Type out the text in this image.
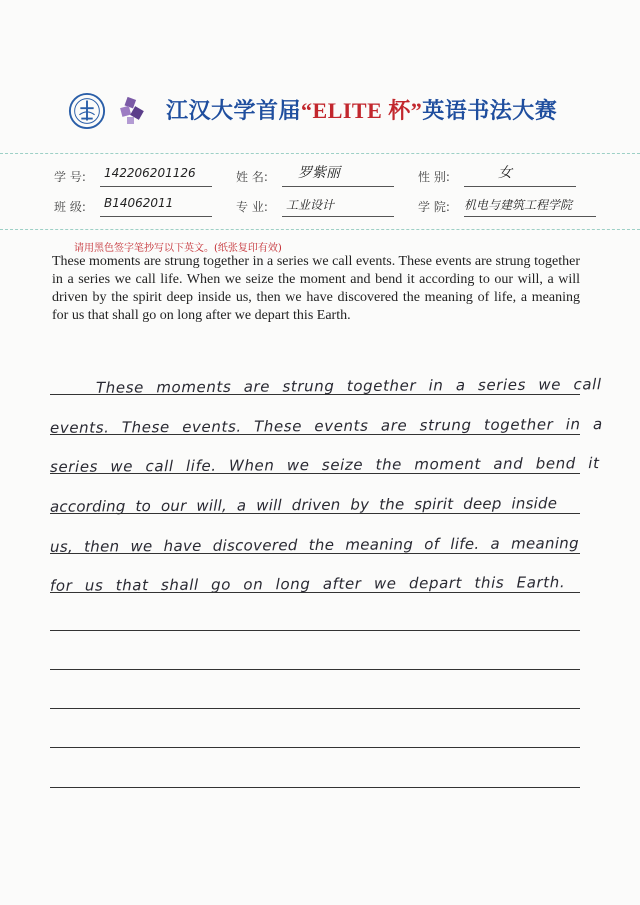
江汉大学首届“ELITE 杯”英语书法大赛
学 号: 142206201126	姓 名: 罗紫丽	性 别:	女
班 级: B14062011	专 业: 工业设计	学 院: 机电与建筑工程学院
请用黑色签字笔抄写以下英文。(纸张复印有效)
These moments are strung together in a series we call events. These events are strung together in a series we call life. When we seize the moment and bend it according to our will, a will driven by the spirit deep inside us, then we have discovered the meaning of life, a meaning for us that shall go on long after we depart this Earth.
These moments are strung together in a series we call
events. These events. These events are strung together in a
series we call life. When we seize the moment and bend it
according to our will, a will driven by the spirit deep inside
us, then we have discovered the meaning of life. a meaning
for us that shall go on long after we depart this Earth.
